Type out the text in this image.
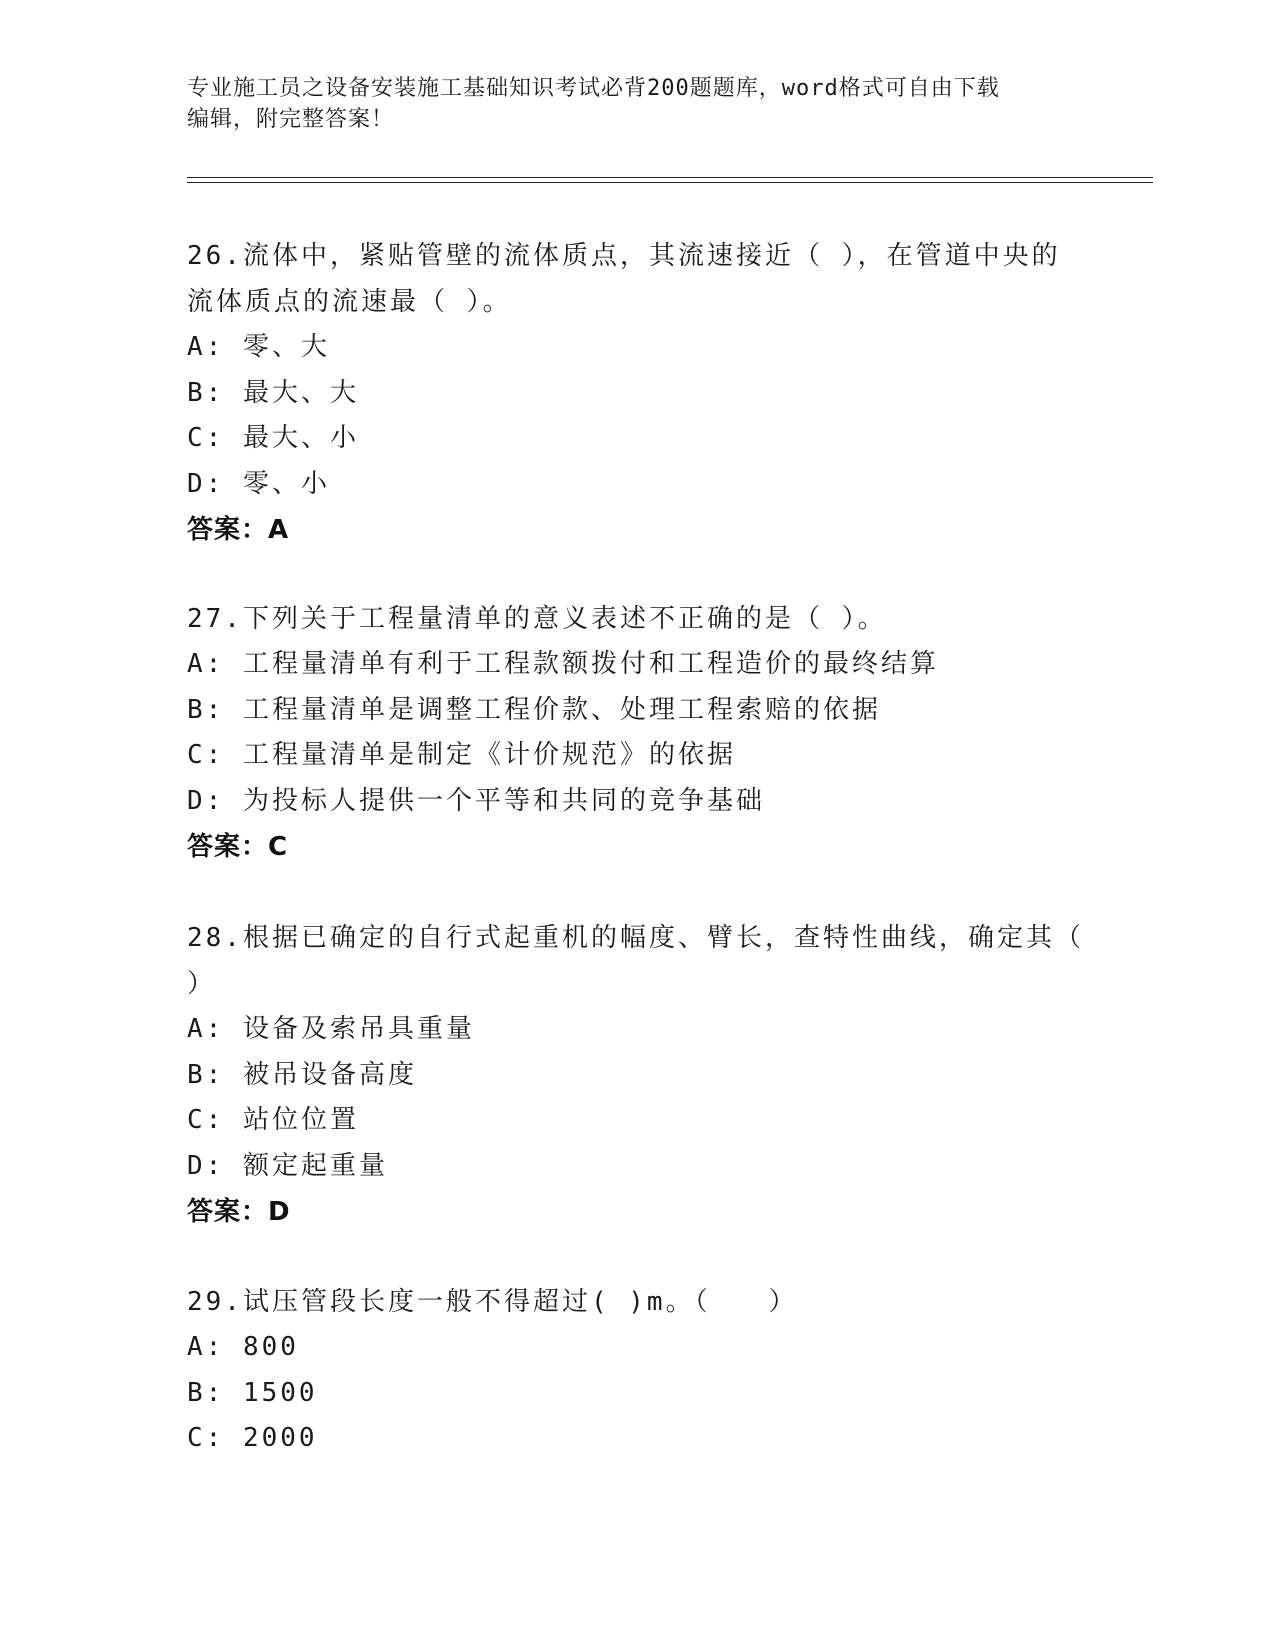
专业施工员之设备安装施工基础知识考试必背200题题库，word格式可自由下载
编辑，附完整答案！
26.流体中，紧贴管壁的流体质点，其流速接近（ ），在管道中央的
流体质点的流速最（ ）。
A: 零、大
B: 最大、大
C: 最大、小
D: 零、小
答案：A
27.下列关于工程量清单的意义表述不正确的是（ ）。
A: 工程量清单有利于工程款额拨付和工程造价的最终结算
B: 工程量清单是调整工程价款、处理工程索赔的依据
C: 工程量清单是制定《计价规范》的依据
D: 为投标人提供一个平等和共同的竞争基础
答案：C
28.根据已确定的自行式起重机的幅度、臂长，查特性曲线，确定其（
）
A: 设备及索吊具重量
B: 被吊设备高度
C: 站位位置
D: 额定起重量
答案：D
29.试压管段长度一般不得超过( )m。（　　）
A: 800
B: 1500
C: 2000
